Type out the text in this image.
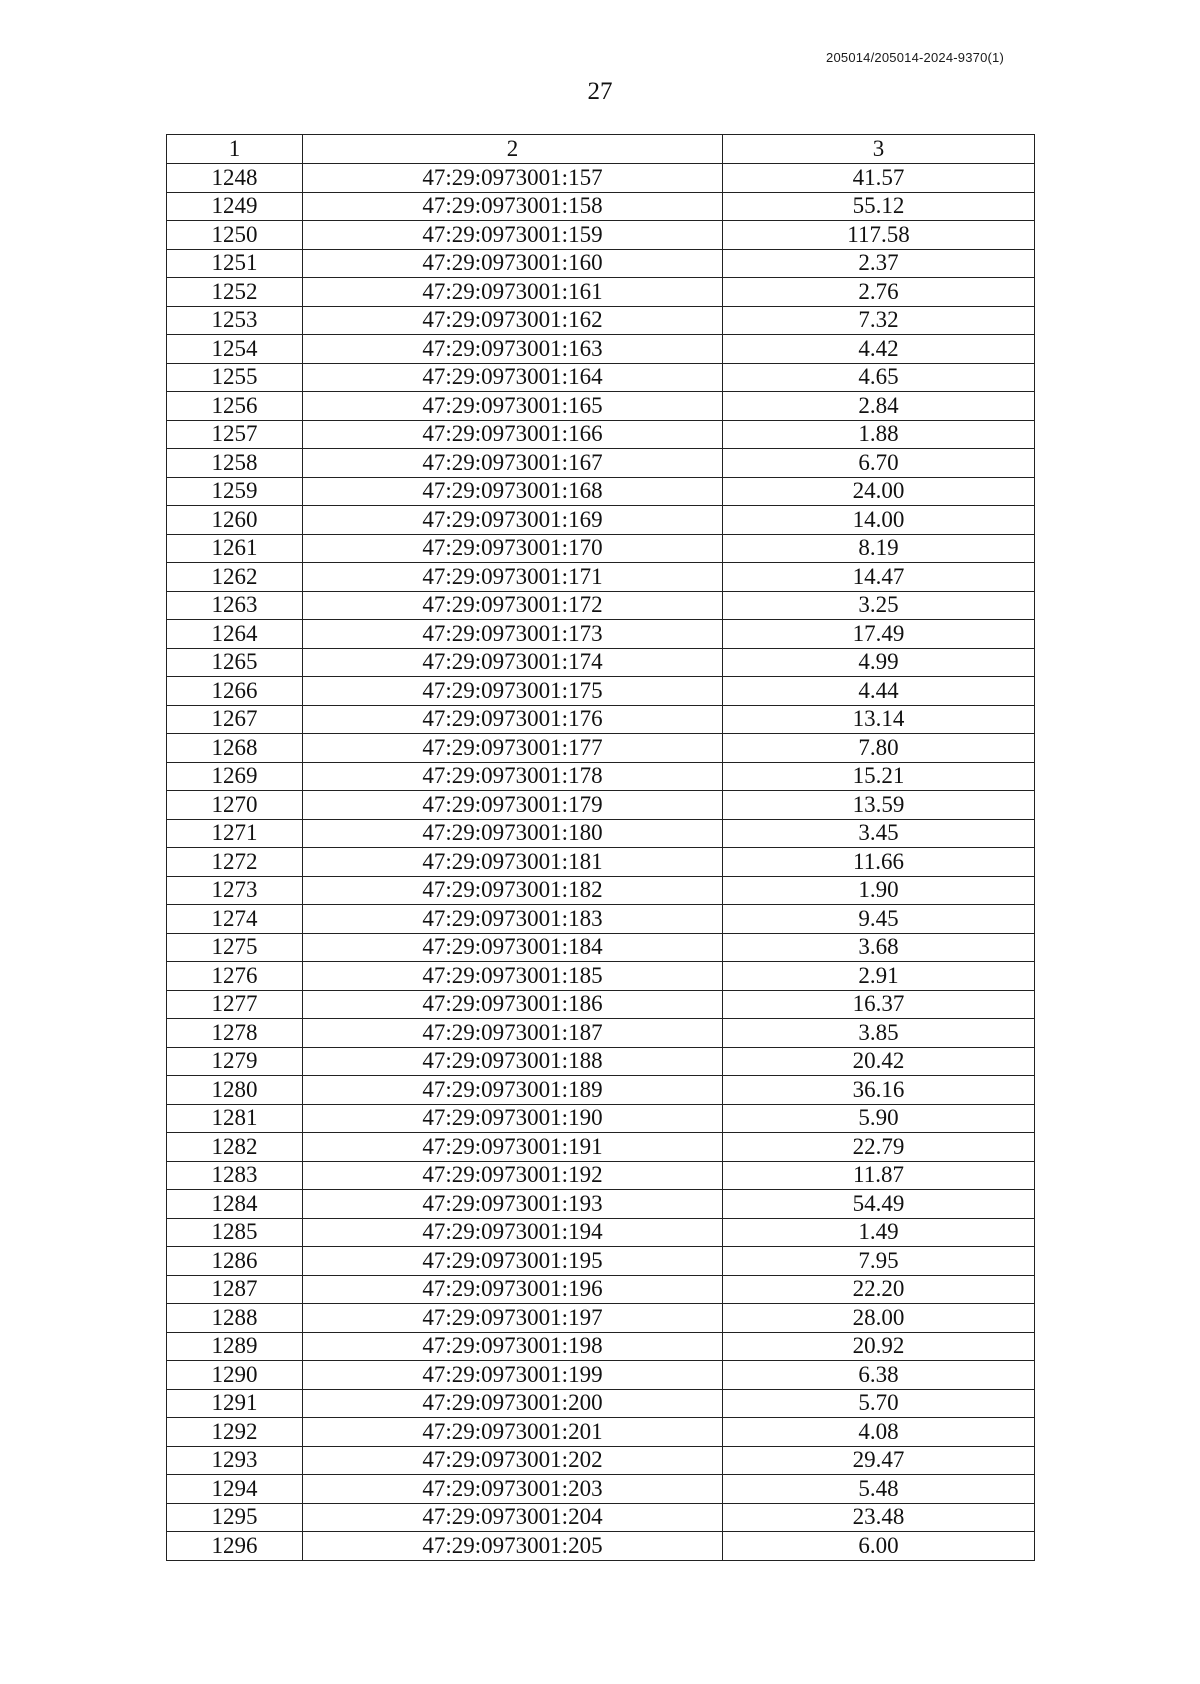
205014/205014-2024-9370(1)
27
1	2	3
1248	47:29:0973001:157	41.57
1249	47:29:0973001:158	55.12
1250	47:29:0973001:159	117.58
1251	47:29:0973001:160	2.37
1252	47:29:0973001:161	2.76
1253	47:29:0973001:162	7.32
1254	47:29:0973001:163	4.42
1255	47:29:0973001:164	4.65
1256	47:29:0973001:165	2.84
1257	47:29:0973001:166	1.88
1258	47:29:0973001:167	6.70
1259	47:29:0973001:168	24.00
1260	47:29:0973001:169	14.00
1261	47:29:0973001:170	8.19
1262	47:29:0973001:171	14.47
1263	47:29:0973001:172	3.25
1264	47:29:0973001:173	17.49
1265	47:29:0973001:174	4.99
1266	47:29:0973001:175	4.44
1267	47:29:0973001:176	13.14
1268	47:29:0973001:177	7.80
1269	47:29:0973001:178	15.21
1270	47:29:0973001:179	13.59
1271	47:29:0973001:180	3.45
1272	47:29:0973001:181	11.66
1273	47:29:0973001:182	1.90
1274	47:29:0973001:183	9.45
1275	47:29:0973001:184	3.68
1276	47:29:0973001:185	2.91
1277	47:29:0973001:186	16.37
1278	47:29:0973001:187	3.85
1279	47:29:0973001:188	20.42
1280	47:29:0973001:189	36.16
1281	47:29:0973001:190	5.90
1282	47:29:0973001:191	22.79
1283	47:29:0973001:192	11.87
1284	47:29:0973001:193	54.49
1285	47:29:0973001:194	1.49
1286	47:29:0973001:195	7.95
1287	47:29:0973001:196	22.20
1288	47:29:0973001:197	28.00
1289	47:29:0973001:198	20.92
1290	47:29:0973001:199	6.38
1291	47:29:0973001:200	5.70
1292	47:29:0973001:201	4.08
1293	47:29:0973001:202	29.47
1294	47:29:0973001:203	5.48
1295	47:29:0973001:204	23.48
1296	47:29:0973001:205	6.00
